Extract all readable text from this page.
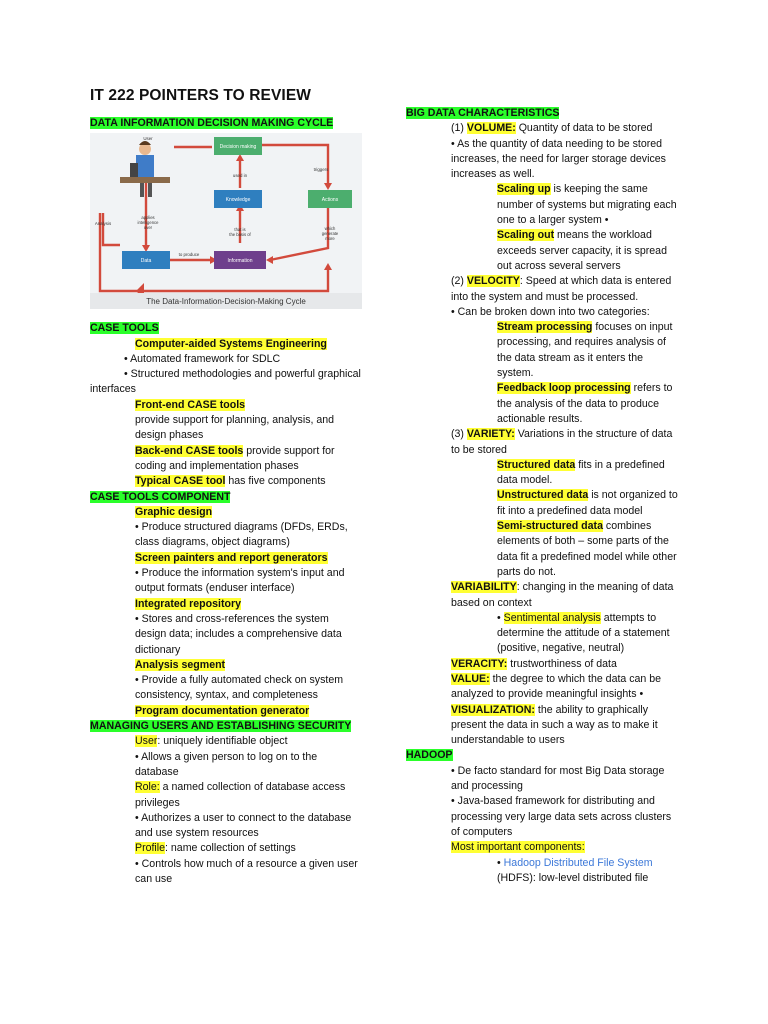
IT 222 POINTERS TO REVIEW

DATA INFORMATION DECISION MAKING CYCLE

Decision making
Knowledge	Actions
Data	Information
User
Analysis
used in
triggers
to produce
applies
intelligence
over	that is
the basis of
which
generate
more
The Data-Information-Decision-Making Cycle

CASE TOOLS

Computer-aided Systems Engineering

• Automated framework for SDLC

• Structured methodologies and powerful graphical interfaces

Front-end CASE tools

provide support for planning, analysis, and design phases

Back-end CASE tools provide support for coding and implementation phases

Typical CASE tool has five components

CASE TOOLS COMPONENT

Graphic design

• Produce structured diagrams (DFDs, ERDs, class diagrams, object diagrams)

Screen painters and report generators

• Produce the information system's input and output formats (enduser interface)

Integrated repository

• Stores and cross-references the system design data; includes a comprehensive data dictionary

Analysis segment

• Provide a fully automated check on system consistency, syntax, and completeness

Program documentation generator

MANAGING USERS AND ESTABLISHING SECURITY

User: uniquely identifiable object

• Allows a given person to log on to the database

Role: a named collection of database access privileges

• Authorizes a user to connect to the database and use system resources

Profile: name collection of settings

• Controls how much of a resource a given user can use

BIG DATA CHARACTERISTICS

(1) VOLUME: Quantity of data to be stored

• As the quantity of data needing to be stored increases, the need for larger storage devices increases as well.

Scaling up is keeping the same number of systems but migrating each one to a larger system •

Scaling out means the workload exceeds server capacity, it is spread out across several servers

(2) VELOCITY: Speed at which data is entered into the system and must be processed.

• Can be broken down into two categories:

Stream processing focuses on input processing, and requires analysis of the data stream as it enters the system.

Feedback loop processing refers to the analysis of the data to produce actionable results.

(3) VARIETY: Variations in the structure of data to be stored

Structured data fits in a predefined data model.

Unstructured data is not organized to fit into a predefined data model

Semi-structured data combines elements of both – some parts of the data fit a predefined model while other parts do not.

VARIABILITY: changing in the meaning of data based on context

• Sentimental analysis attempts to determine the attitude of a statement (positive, negative, neutral)

VERACITY: trustworthiness of data

VALUE: the degree to which the data can be analyzed to provide meaningful insights •

VISUALIZATION: the ability to graphically present the data in such a way as to make it understandable to users

HADOOP

• De facto standard for most Big Data storage and processing

• Java-based framework for distributing and processing very large data sets across clusters of computers

Most important components:

• Hadoop Distributed File System

(HDFS): low-level distributed file
